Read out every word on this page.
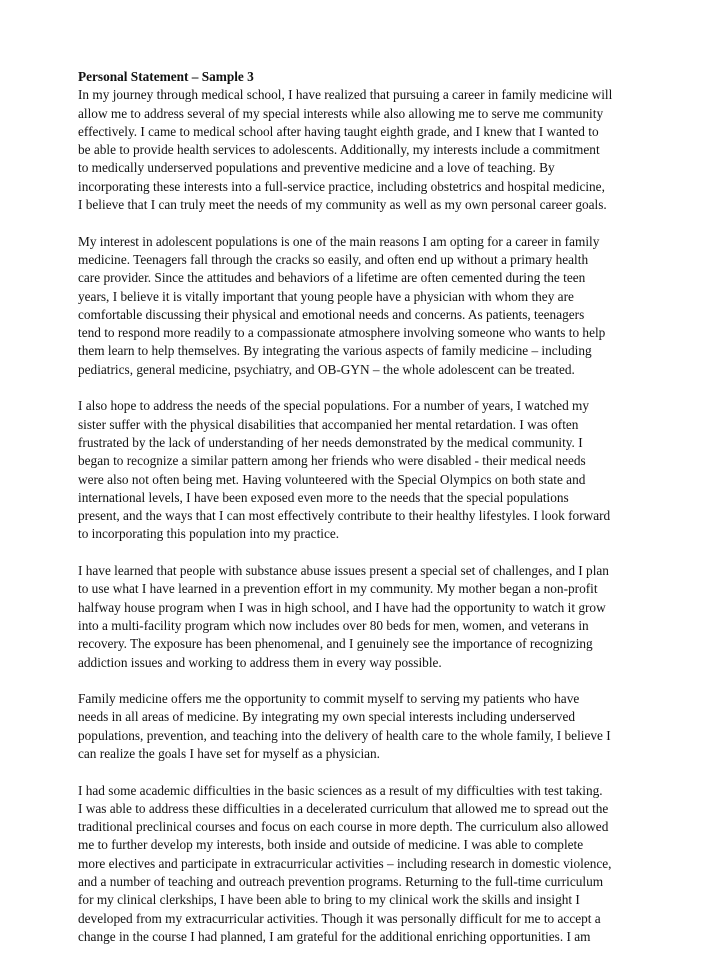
Personal Statement – Sample 3
In my journey through medical school, I have realized that pursuing a career in family medicine will
allow me to address several of my special interests while also allowing me to serve me community
effectively. I came to medical school after having taught eighth grade, and I knew that I wanted to
be able to provide health services to adolescents. Additionally, my interests include a commitment
to medically underserved populations and preventive medicine and a love of teaching. By
incorporating these interests into a full-service practice, including obstetrics and hospital medicine,
I believe that I can truly meet the needs of my community as well as my own personal career goals.
My interest in adolescent populations is one of the main reasons I am opting for a career in family
medicine. Teenagers fall through the cracks so easily, and often end up without a primary health
care provider. Since the attitudes and behaviors of a lifetime are often cemented during the teen
years, I believe it is vitally important that young people have a physician with whom they are
comfortable discussing their physical and emotional needs and concerns. As patients, teenagers
tend to respond more readily to a compassionate atmosphere involving someone who wants to help
them learn to help themselves. By integrating the various aspects of family medicine – including
pediatrics, general medicine, psychiatry, and OB-GYN – the whole adolescent can be treated.
I also hope to address the needs of the special populations. For a number of years, I watched my
sister suffer with the physical disabilities that accompanied her mental retardation. I was often
frustrated by the lack of understanding of her needs demonstrated by the medical community. I
began to recognize a similar pattern among her friends who were disabled - their medical needs
were also not often being met. Having volunteered with the Special Olympics on both state and
international levels, I have been exposed even more to the needs that the special populations
present, and the ways that I can most effectively contribute to their healthy lifestyles. I look forward
to incorporating this population into my practice.
I have learned that people with substance abuse issues present a special set of challenges, and I plan
to use what I have learned in a prevention effort in my community. My mother began a non-profit
halfway house program when I was in high school, and I have had the opportunity to watch it grow
into a multi-facility program which now includes over 80 beds for men, women, and veterans in
recovery. The exposure has been phenomenal, and I genuinely see the importance of recognizing
addiction issues and working to address them in every way possible.
Family medicine offers me the opportunity to commit myself to serving my patients who have
needs in all areas of medicine. By integrating my own special interests including underserved
populations, prevention, and teaching into the delivery of health care to the whole family, I believe I
can realize the goals I have set for myself as a physician.
I had some academic difficulties in the basic sciences as a result of my difficulties with test taking.
I was able to address these difficulties in a decelerated curriculum that allowed me to spread out the
traditional preclinical courses and focus on each course in more depth. The curriculum also allowed
me to further develop my interests, both inside and outside of medicine. I was able to complete
more electives and participate in extracurricular activities – including research in domestic violence,
and a number of teaching and outreach prevention programs. Returning to the full-time curriculum
for my clinical clerkships, I have been able to bring to my clinical work the skills and insight I
developed from my extracurricular activities. Though it was personally difficult for me to accept a
change in the course I had planned, I am grateful for the additional enriching opportunities. I am
